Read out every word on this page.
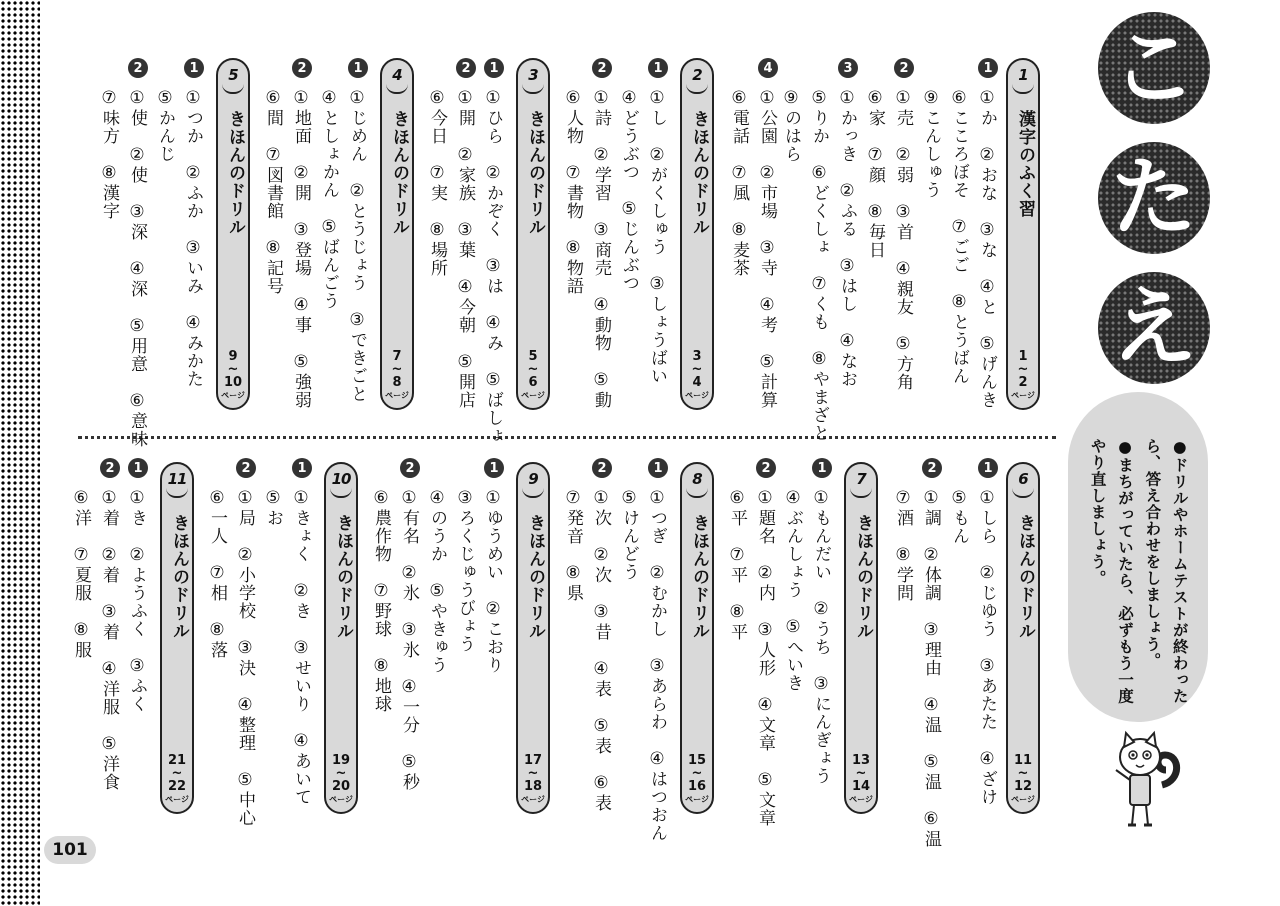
こ
た
え
●ドリルやホームテストが終わった
ら、答え合わせをしましょう。
●まちがっていたら、必ずもう一度
やり直しましょう。
101
1
漢字のふく習
1
~
2
ページ
1
①か　②おな　③な　④と　⑤げんき
⑥こころぼそ　⑦ごご　⑧とうばん
⑨こんしゅう
2
①売　②弱　③首　④親友　⑤方角
⑥家　⑦顔　⑧毎日
3
①かっき　②ふる　③はし　④なお
⑤りか　⑥どくしょ　⑦くも　⑧やまざと
⑨のはら
4
①公園　②市場　③寺　④考　⑤計算
⑥電話　⑦風　⑧麦茶
2
きほんのドリル
3
~
4
ページ
1
①し　②がくしゅう　③しょうばい
④どうぶつ　⑤じんぶつ
2
①詩　②学習　③商売　④動物　⑤動
⑥人物　⑦書物　⑧物語
3
きほんのドリル
5
~
6
ページ
1
①ひら　②かぞく　③は　④み　⑤ばしょ
2
①開　②家族　③葉　④今朝　⑤開店
⑥今日　⑦実　⑧場所
4
きほんのドリル
7
~
8
ページ
1
①じめん　②とうじょう　③できごと
④としょかん　⑤ばんごう
2
①地面　②開　③登場　④事　⑤強弱
⑥間　⑦図書館　⑧記号
5
きほんのドリル
9
~
10
ページ
1
①つか　②ふか　③いみ　④みかた
⑤かんじ
2
①使　②使　③深　④深　⑤用意　⑥意味
⑦味方　⑧漢字
6
きほんのドリル
11
~
12
ページ
1
①しら　②じゆう　③あたた　④ざけ
⑤もん
2
①調　②体調　③理由　④温　⑤温　⑥温
⑦酒　⑧学問
7
きほんのドリル
13
~
14
ページ
1
①もんだい　②うち　③にんぎょう
④ぶんしょう　⑤へいき
2
①題名　②内　③人形　④文章　⑤文章
⑥平　⑦平　⑧平
8
きほんのドリル
15
~
16
ページ
1
①つぎ　②むかし　③あらわ　④はつおん
⑤けんどう
2
①次　②次　③昔　④表　⑤表　⑥表
⑦発音　⑧県
9
きほんのドリル
17
~
18
ページ
1
①ゆうめい　②こおり
③ろくじゅうびょう
④のうか　⑤やきゅう
2
①有名　②氷　③氷　④一分　⑤秒
⑥農作物　⑦野球　⑧地球
10
きほんのドリル
19
~
20
ページ
1
①きょく　②き　③せいり　④あいて
⑤お
2
①局　②小学校　③決　④整理　⑤中心
⑥一人　⑦相　⑧落
11
きほんのドリル
21
~
22
ページ
1
①き　②ようふく　③ふく
2
①着　②着　③着　④洋服　⑤洋食
⑥洋　⑦夏服　⑧服
